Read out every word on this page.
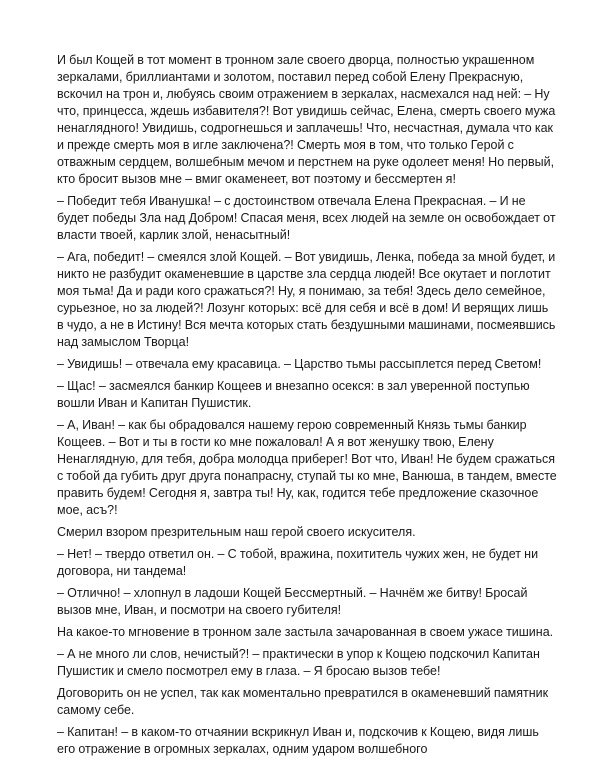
И был Кощей в тот момент в тронном зале своего дворца, полностью украшенном зеркалами, бриллиантами и золотом, поставил перед собой Елену Прекрасную, вскочил на трон и, любуясь своим отражением в зеркалах, насмехался над ней: – Ну что, принцесса, ждешь избавителя?! Вот увидишь сейчас, Елена, смерть своего мужа ненаглядного! Увидишь, содрогнешься и заплачешь! Что, несчастная, думала что как и прежде смерть моя в игле заключена?! Смерть моя в том, что только Герой с отважным сердцем, волшебным мечом и перстнем на руке одолеет меня! Но первый, кто бросит вызов мне – вмиг окаменеет, вот поэтому и бессмертен я!

– Победит тебя Иванушка! – с достоинством отвечала Елена Прекрасная. – И не будет победы Зла над Добром! Спасая меня, всех людей на земле он освобождает от власти твоей, карлик злой, ненасытный!

– Ага, победит! – смеялся злой Кощей. – Вот увидишь, Ленка, победа за мной будет, и никто не разбудит окаменевшие в царстве зла сердца людей! Все окутает и поглотит моя тьма! Да и ради кого сражаться?! Ну, я понимаю, за тебя! Здесь дело семейное, сурьезное, но за людей?! Лозунг которых: всё для себя и всё в дом! И верящих лишь в чудо, а не в Истину! Вся мечта которых стать бездушными машинами, посмеявшись над замыслом Творца!

– Увидишь! – отвечала ему красавица. – Царство тьмы рассыплется перед Светом!

– Щас! – засмеялся банкир Кощеев и внезапно осекся: в зал уверенной поступью вошли Иван и Капитан Пушистик.

– А, Иван! – как бы обрадовался нашему герою современный Князь тьмы банкир Кощеев. – Вот и ты в гости ко мне пожаловал! А я вот женушку твою, Елену Ненаглядную, для тебя, добра молодца приберег! Вот что, Иван! Не будем сражаться с тобой да губить друг друга понапрасну, ступай ты ко мне, Ванюша, в тандем, вместе править будем! Сегодня я, завтра ты! Ну, как, годится тебе предложение сказочное мое, асъ?!

Смерил взором презрительным наш герой своего искусителя.

– Нет! – твердо ответил он. – С тобой, вражина, похититель чужих жен, не будет ни договора, ни тандема!

– Отлично! – хлопнул в ладоши Кощей Бессмертный. – Начнём же битву! Бросай вызов мне, Иван, и посмотри на своего губителя!

На какое-то мгновение в тронном зале застыла зачарованная в своем ужасе тишина.

– А не много ли слов, нечистый?! – практически в упор к Кощею подскочил Капитан Пушистик и смело посмотрел ему в глаза. – Я бросаю вызов тебе!

Договорить он не успел, так как моментально превратился в окаменевший памятник самому себе.

– Капитан! – в каком-то отчаянии вскрикнул Иван и, подскочив к Кощею, видя лишь его отражение в огромных зеркалах, одним ударом волшебного
